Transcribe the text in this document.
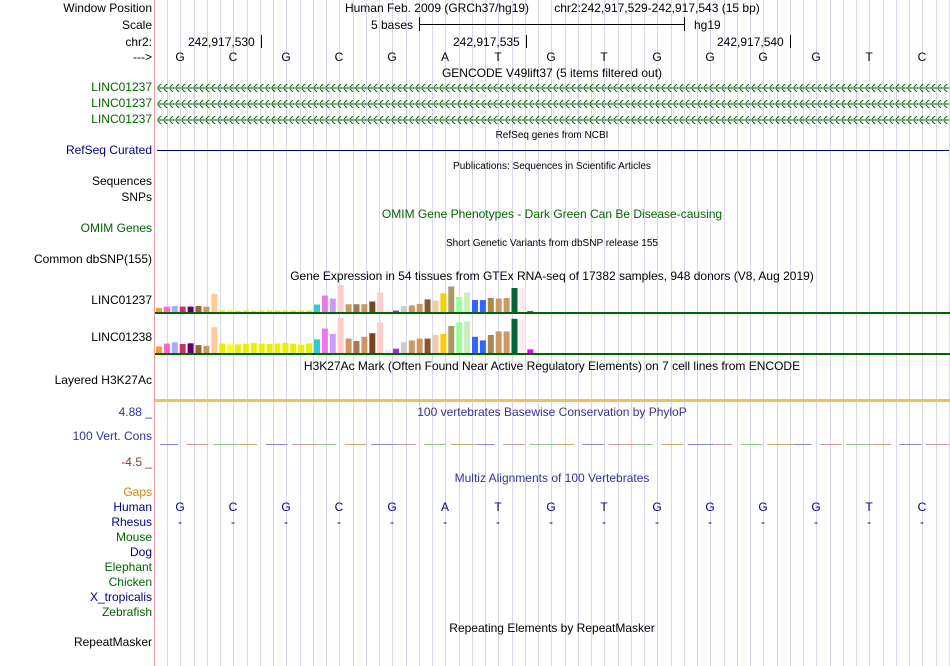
Window Position	Human Feb. 2009 (GRCh37/hg19) chr2:242,917,529-242,917,543 (15 bp)
Scale	5 bases	hg19
chr2:	242,917,530	242,917,535	242,917,540
---> G	C	G	C	G	A	T	G	T	G	G	G	G	T	C
GENCODE V49lift37 (5 items filtered out)
LINC01237
LINC01237
LINC01237
RefSeq genes from NCBI
RefSeq Curated
Publications: Sequences in Scientific Articles
Sequences
SNPs
OMIM Gene Phenotypes - Dark Green Can Be Disease-causing
OMIM Genes
Short Genetic Variants from dbSNP release 155
Common dbSNP(155)
Gene Expression in 54 tissues from GTEx RNA-seq of 17382 samples, 948 donors (V8, Aug 2019)
LINC01237
LINC01238
H3K27Ac Mark (Often Found Near Active Regulatory Elements) on 7 cell lines from ENCODE
Layered H3K27Ac
100 vertebrates Basewise Conservation by PhyloP
4.88 _
100 Vert. Cons
-4.5 _
Multiz Alignments of 100 Vertebrates
Gaps
Human G	C	G	C	G	A	T	G	T	G	G	G	G	T	C
Rhesus -	-	-	-	-	-	-	-	-	-	-	-	-	-	-
Mouse
Dog
Elephant
Chicken
X_tropicalis
Zebrafish
Repeating Elements by RepeatMasker
RepeatMasker
